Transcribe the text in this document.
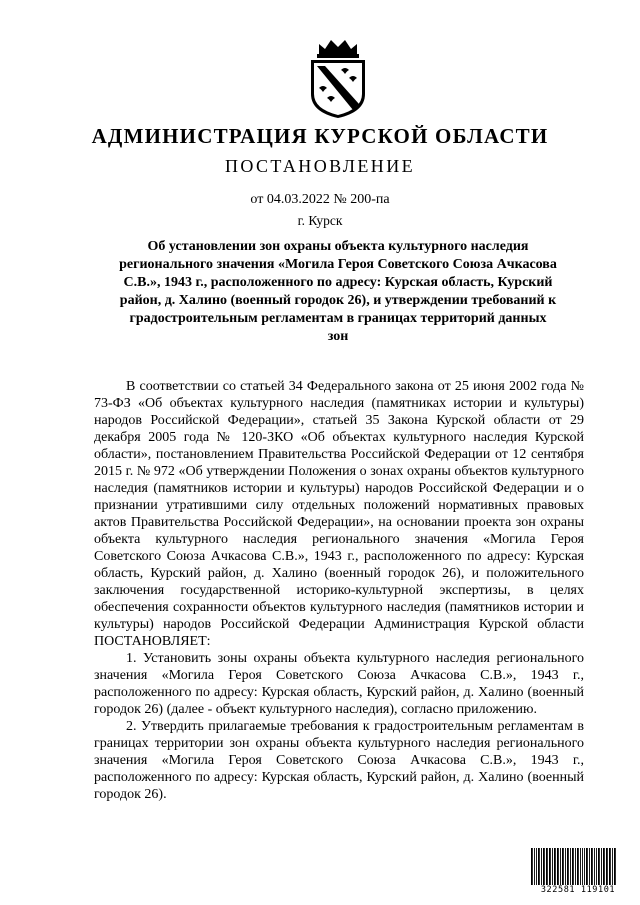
АДМИНИСТРАЦИЯ КУРСКОЙ ОБЛАСТИ
ПОСТАНОВЛЕНИЕ
от 04.03.2022 № 200-па
г. Курск
Об установлении зон охраны объекта культурного наследия регионального значения «Могила Героя Советского Союза Ачкасова С.В.», 1943 г., расположенного по адресу: Курская область, Курский район, д. Халино (военный городок 26), и утверждении требований к градостроительным регламентам в границах территорий данных зон

В соответствии со статьей 34 Федерального закона от 25 июня 2002 года № 73-ФЗ «Об объектах культурного наследия (памятниках истории и культуры) народов Российской Федерации», статьей 35 Закона Курской области от 29 декабря 2005 года № 120-ЗКО «Об объектах культурного наследия Курской области», постановлением Правительства Российской Федерации от 12 сентября 2015 г. № 972 «Об утверждении Положения о зонах охраны объектов культурного наследия (памятников истории и культуры) народов Российской Федерации и о признании утратившими силу отдельных положений нормативных правовых актов Правительства Российской Федерации», на основании проекта зон охраны объекта культурного наследия регионального значения «Могила Героя Советского Союза Ачкасова С.В.», 1943 г., расположенного по адресу: Курская область, Курский район, д. Халино (военный городок 26), и положительного заключения государственной историко-культурной экспертизы, в целях обеспечения сохранности объектов культурного наследия (памятников истории и культуры) народов Российской Федерации Администрация Курской области ПОСТАНОВЛЯЕТ:

1. Установить зоны охраны объекта культурного наследия регионального значения «Могила Героя Советского Союза Ачкасова С.В.», 1943 г., расположенного по адресу: Курская область, Курский район, д. Халино (военный городок 26) (далее - объект культурного наследия), согласно приложению.

2. Утвердить прилагаемые требования к градостроительным регламентам в границах территории зон охраны объекта культурного наследия регионального значения «Могила Героя Советского Союза Ачкасова С.В.», 1943 г., расположенного по адресу: Курская область, Курский район, д. Халино (военный городок 26).

322581 119101
